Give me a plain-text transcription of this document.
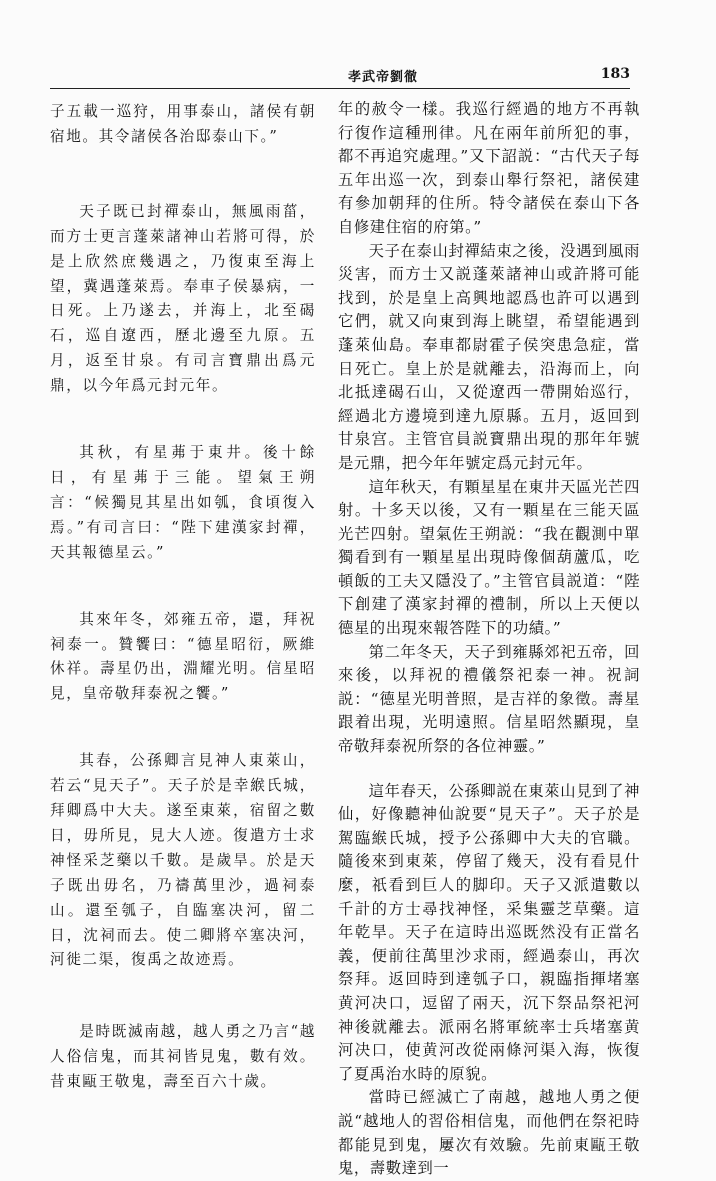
孝武帝劉徹	183

子五載一巡狩，用事泰山，諸侯有朝宿地。其令諸侯各治邸泰山下。”

天子既已封禪泰山，無風雨菑，而方士更言蓬萊諸神山若將可得，於是上欣然庶幾遇之，乃復東至海上望，冀遇蓬萊焉。奉車子侯暴病，一日死。上乃遂去，并海上，北至碣石，巡自遼西，歷北邊至九原。五月，返至甘泉。有司言寶鼎出爲元鼎，以今年爲元封元年。

其秋，有星茀于東井。後十餘日，有星茀于三能。望氣王朔言：“候獨見其星出如瓠，食頃復入焉。”有司言曰：“陛下建漢家封禪，天其報德星云。”

其來年冬，郊雍五帝，還，拜祝祠泰一。贊饗曰：“德星昭衍，厥維休祥。壽星仍出，淵耀光明。信星昭見，皇帝敬拜泰祝之饗。”

其春，公孫卿言見神人東萊山，若云“見天子”。天子於是幸緱氏城，拜卿爲中大夫。遂至東萊，宿留之數日，毋所見，見大人迹。復遣方士求神怪采芝藥以千數。是歲旱。於是天子既出毋名，乃禱萬里沙，過祠泰山。還至瓠子，自臨塞决河，留二日，沈祠而去。使二卿將卒塞决河，河徙二渠，復禹之故迹焉。

是時既滅南越，越人勇之乃言“越人俗信鬼，而其祠皆見鬼，數有效。昔東甌王敬鬼，壽至百六十歲。

年的赦令一樣。我巡行經過的地方不再執行復作這種刑律。凡在兩年前所犯的事，都不再追究處理。”又下詔説：“古代天子每五年出巡一次，到泰山舉行祭祀，諸侯建有參加朝拜的住所。特令諸侯在泰山下各自修建住宿的府第。”

天子在泰山封禪結束之後，没遇到風雨災害，而方士又説蓬萊諸神山或許將可能找到，於是皇上高興地認爲也許可以遇到它們，就又向東到海上眺望，希望能遇到蓬萊仙島。奉車都尉霍子侯突患急症，當日死亡。皇上於是就離去，沿海而上，向北抵達碣石山，又從遼西一帶開始巡行，經過北方邊境到達九原縣。五月，返回到甘泉宫。主管官員説寶鼎出現的那年年號是元鼎，把今年年號定爲元封元年。

這年秋天，有顆星星在東井天區光芒四射。十多天以後，又有一顆星在三能天區光芒四射。望氣佐王朔説：“我在觀測中單獨看到有一顆星星出現時像個葫蘆瓜，吃頓飯的工夫又隱没了。”主管官員説道：“陛下創建了漢家封禪的禮制，所以上天便以德星的出現來報答陛下的功績。”

第二年冬天，天子到雍縣郊祀五帝，回來後，以拜祝的禮儀祭祀泰一神。祝詞説：“德星光明普照，是吉祥的象徵。壽星跟着出現，光明遠照。信星昭然顯現，皇帝敬拜泰祝所祭的各位神靈。”

這年春天，公孫卿説在東萊山見到了神仙，好像聽神仙說要“見天子”。天子於是駕臨緱氏城，授予公孫卿中大夫的官職。隨後來到東萊，停留了幾天，没有看見什麼，祇看到巨人的脚印。天子又派遣數以千計的方士尋找神怪，采集靈芝草藥。這年乾旱。天子在這時出巡既然没有正當名義，便前往萬里沙求雨，經過泰山，再次祭拜。返回時到達瓠子口，親臨指揮堵塞黄河决口，逗留了兩天，沉下祭品祭祀河神後就離去。派兩名將軍統率士兵堵塞黄河决口，使黄河改從兩條河渠入海，恢復了夏禹治水時的原貌。

當時已經滅亡了南越，越地人勇之便説“越地人的習俗相信鬼，而他們在祭祀時都能見到鬼，屢次有效驗。先前東甌王敬鬼，壽數達到一
